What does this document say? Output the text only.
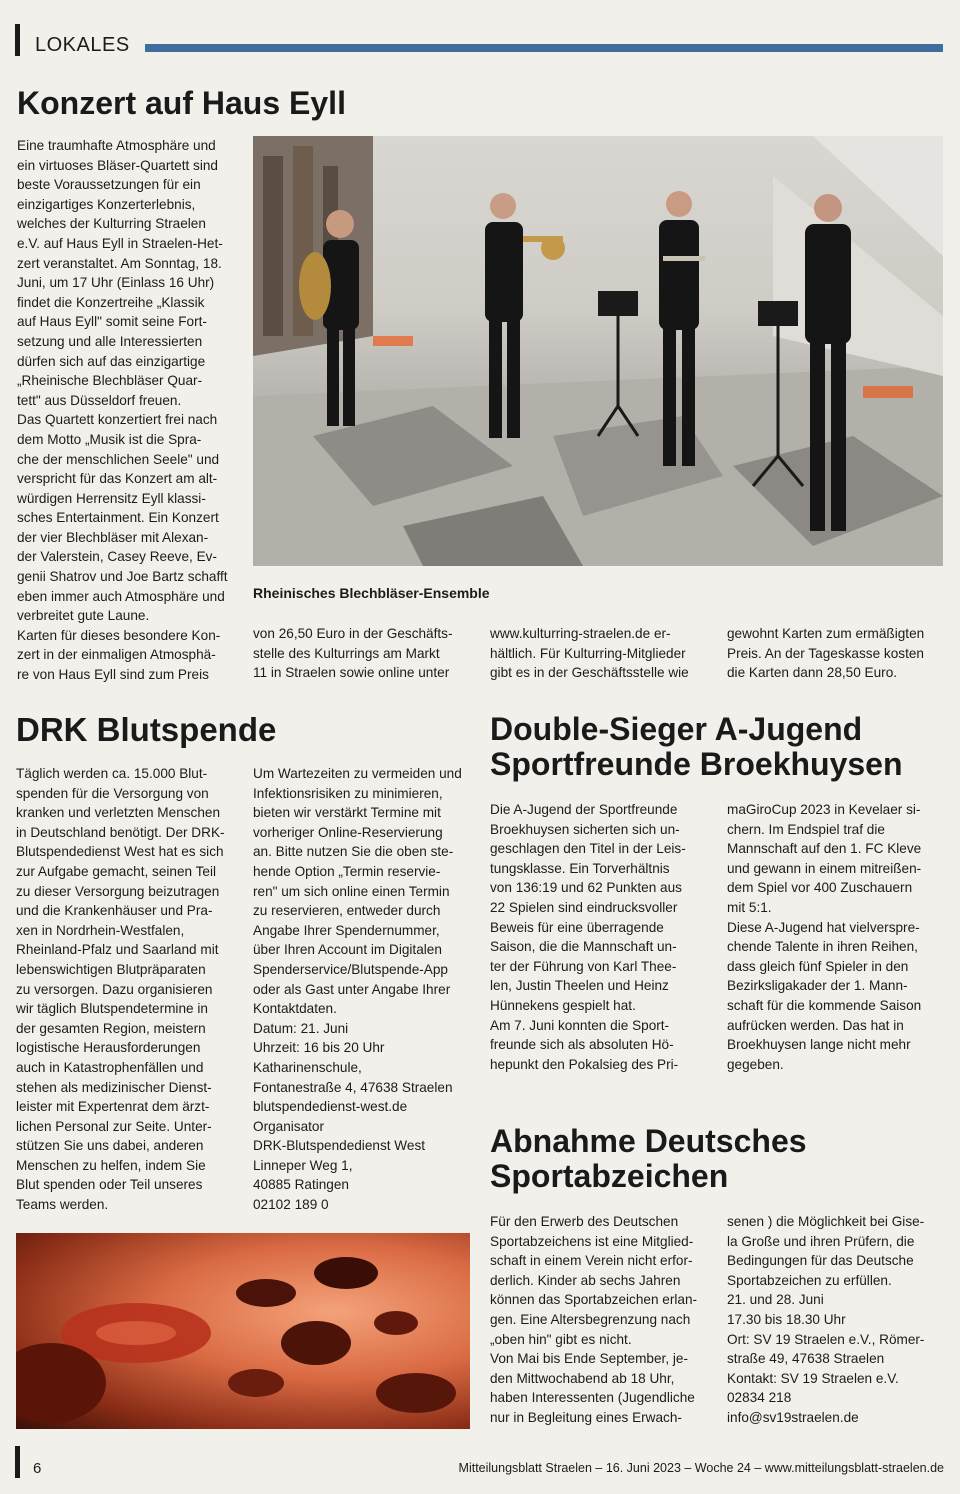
LOKALES
Konzert auf Haus Eyll

Eine traumhafte Atmosphäre und

ein virtuoses Bläser-Quartett sind

beste Voraussetzungen für ein

einzigartiges Konzerterlebnis,

welches der Kulturring Straelen

e.V. auf Haus Eyll in Straelen-Het-

zert veranstaltet. Am Sonntag, 18.

Juni, um 17 Uhr (Einlass 16 Uhr)

findet die Konzertreihe „Klassik

auf Haus Eyll" somit seine Fort-

setzung und alle Interessierten

dürfen sich auf das einzigartige

„Rheinische Blechbläser Quar-

tett" aus Düsseldorf freuen.

Das Quartett konzertiert frei nach

dem Motto „Musik ist die Spra-

che der menschlichen Seele" und

verspricht für das Konzert am alt-

würdigen Herrensitz Eyll klassi-

sches Entertainment. Ein Konzert

der vier Blechbläser mit Alexan-

der Valerstein, Casey Reeve, Ev-

genii Shatrov und Joe Bartz schafft

eben immer auch Atmosphäre und

verbreitet gute Laune.

Karten für dieses besondere Kon-

zert in der einmaligen Atmosphä-

re von Haus Eyll sind zum Preis

Rheinisches Blechbläser-Ensemble

von 26,50 Euro in der Geschäfts-

stelle des Kulturrings am Markt

11 in Straelen sowie online unter

www.kulturring-straelen.de er-

hältlich. Für Kulturring-Mitglieder

gibt es in der Geschäftsstelle wie

gewohnt Karten zum ermäßigten

Preis. An der Tageskasse kosten

die Karten dann 28,50 Euro.

DRK Blutspende

Täglich werden ca. 15.000 Blut-

spenden für die Versorgung von

kranken und verletzten Menschen

in Deutschland benötigt. Der DRK-

Blutspendedienst West hat es sich

zur Aufgabe gemacht, seinen Teil

zu dieser Versorgung beizutragen

und die Krankenhäuser und Pra-

xen in Nordrhein-Westfalen,

Rheinland-Pfalz und Saarland mit

lebenswichtigen Blutpräparaten

zu versorgen. Dazu organisieren

wir täglich Blutspendetermine in

der gesamten Region, meistern

logistische Herausforderungen

auch in Katastrophenfällen und

stehen als medizinischer Dienst-

leister mit Expertenrat dem ärzt-

lichen Personal zur Seite. Unter-

stützen Sie uns dabei, anderen

Menschen zu helfen, indem Sie

Blut spenden oder Teil unseres

Teams werden.

Um Wartezeiten zu vermeiden und

Infektionsrisiken zu minimieren,

bieten wir verstärkt Termine mit

vorheriger Online-Reservierung

an. Bitte nutzen Sie die oben ste-

hende Option „Termin reservie-

ren" um sich online einen Termin

zu reservieren, entweder durch

Angabe Ihrer Spendernummer,

über Ihren Account im Digitalen

Spenderservice/Blutspende-App

oder als Gast unter Angabe Ihrer

Kontaktdaten.

Datum: 21. Juni

Uhrzeit: 16 bis 20 Uhr

Katharinenschule,

Fontanestraße 4, 47638 Straelen

blutspendedienst-west.de

Organisator

DRK-Blutspendedienst West

Linneper Weg 1,

40885 Ratingen

02102 189 0

Double-Sieger A-Jugend
Sportfreunde Broekhuysen

Die A-Jugend der Sportfreunde

Broekhuysen sicherten sich un-

geschlagen den Titel in der Leis-

tungsklasse. Ein Torverhältnis

von 136:19 und 62 Punkten aus

22 Spielen sind eindrucksvoller

Beweis für eine überragende

Saison, die die Mannschaft un-

ter der Führung von Karl Thee-

len, Justin Theelen und Heinz

Hünnekens gespielt hat.

Am 7. Juni konnten die Sport-

freunde sich als absoluten Hö-

hepunkt den Pokalsieg des Pri-

maGiroCup 2023 in Kevelaer si-

chern. Im Endspiel traf die

Mannschaft auf den 1. FC Kleve

und gewann in einem mitreißen-

dem Spiel vor 400 Zuschauern

mit 5:1.

Diese A-Jugend hat vielverspre-

chende Talente in ihren Reihen,

dass gleich fünf Spieler in den

Bezirksligakader der 1. Mann-

schaft für die kommende Saison

aufrücken werden. Das hat in

Broekhuysen lange nicht mehr

gegeben.

Abnahme Deutsches
Sportabzeichen

Für den Erwerb des Deutschen

Sportabzeichens ist eine Mitglied-

schaft in einem Verein nicht erfor-

derlich. Kinder ab sechs Jahren

können das Sportabzeichen erlan-

gen. Eine Altersbegrenzung nach

„oben hin" gibt es nicht.

Von Mai bis Ende September, je-

den Mittwochabend ab 18 Uhr,

haben Interessenten (Jugendliche

nur in Begleitung eines Erwach-

senen ) die Möglichkeit bei Gise-

la Große und ihren Prüfern, die

Bedingungen für das Deutsche

Sportabzeichen zu erfüllen.

21. und 28. Juni

17.30 bis 18.30 Uhr

Ort: SV 19 Straelen e.V., Römer-

straße 49, 47638 Straelen

Kontakt: SV 19 Straelen e.V.

02834 218

info@sv19straelen.de

6	Mitteilungsblatt Straelen – 16. Juni 2023 – Woche 24 – www.mitteilungsblatt-straelen.de
